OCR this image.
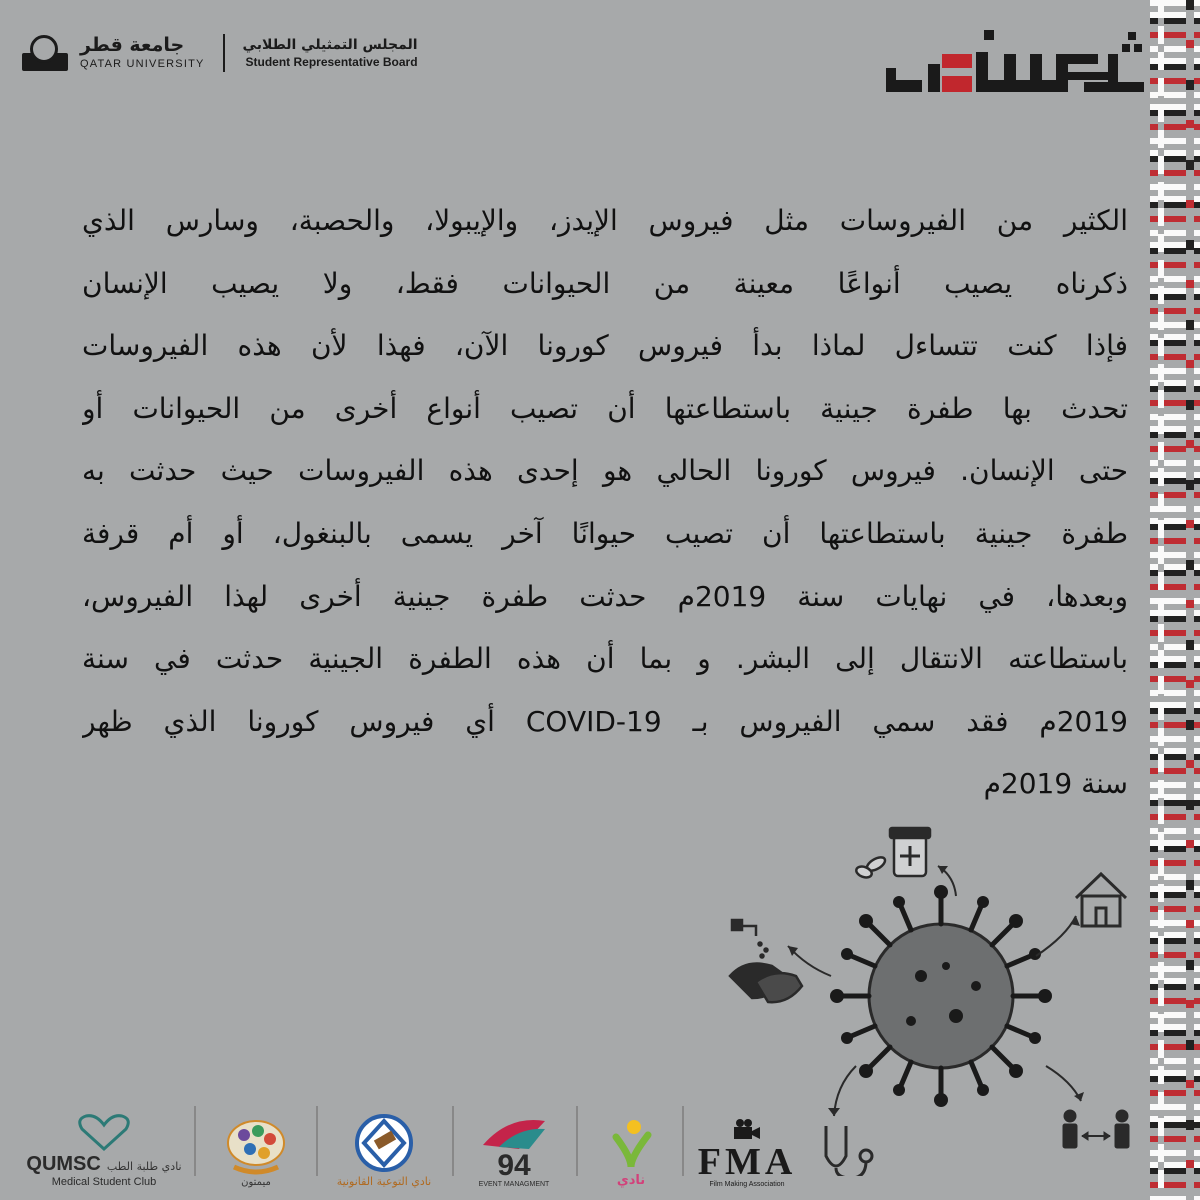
جامعة قطر
QATAR UNIVERSITY
المجلس التمثيلي الطلابي
Student Representative Board
الكثير من الفيروسات مثل فيروس الإيدز، والإيبولا، والحصبة، وسارس الذي
ذكرناه يصيب أنواعًا معينة من الحيوانات فقط، ولا يصيب الإنسان
فإذا كنت تتساءل لماذا بدأ فيروس كورونا الآن، فهذا لأن هذه الفيروسات
تحدث بها طفرة جينية باستطاعتها أن تصيب أنواع أخرى من الحيوانات أو
حتى الإنسان. فيروس كورونا الحالي هو إحدى هذه الفيروسات حيث حدثت به
طفرة جينية باستطاعتها أن تصيب حيوانًا آخر يسمى بالبنغول، أو أم قرفة
وبعدها، في نهايات سنة 2019م حدثت طفرة جينية أخرى لهذا الفيروس،
باستطاعته الانتقال إلى البشر. و بما أن هذه الطفرة الجينية حدثت في سنة
2019م فقد سمي الفيروس بـ COVID-19 أي فيروس كورونا الذي ظهر
سنة 2019م
QUMSC نادي طلبة الطب
Medical Student Club	ميمتون	نادي التوعية القانونية 94
EVENT MANAGMENT	نادي FMA
Film Making Association
